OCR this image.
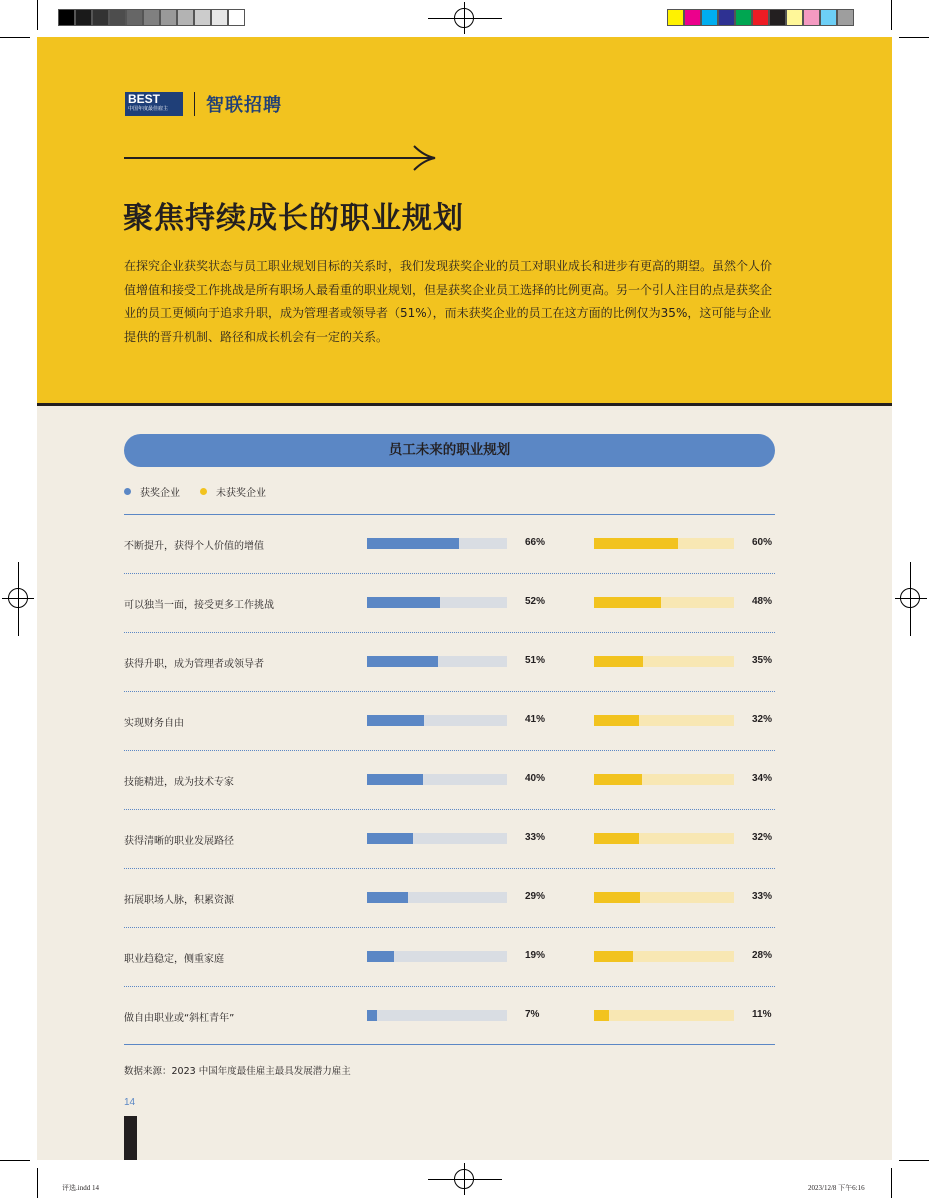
BEST
中国年度最佳雇主	智联招聘
聚焦持续成长的职业规划
在探究企业获奖状态与员工职业规划目标的关系时，我们发现获奖企业的员工对职业成长和进步有更高的期望。虽然个人价值增值和接受工作挑战是所有职场人最看重的职业规划，但是获奖企业员工选择的比例更高。另一个引人注目的点是获奖企业的员工更倾向于追求升职，成为管理者或领导者（51%），而未获奖企业的员工在这方面的比例仅为35%，这可能与企业提供的晋升机制、路径和成长机会有一定的关系。
员工未来的职业规划
获奖企业	未获奖企业
不断提升，获得个人价值的增值	66%	60%
可以独当一面，接受更多工作挑战	52%	48%
获得升职，成为管理者或领导者	51%	35%
实现财务自由	41%	32%
技能精进，成为技术专家	40%	34%
获得清晰的职业发展路径	33%	32%
拓展职场人脉，积累资源	29%	33%
职业趋稳定，侧重家庭	19%	28%
做自由职业或“斜杠青年”	7%	11%
数据来源：2023 中国年度最佳雇主最具发展潜力雇主
14
评选.indd 14	2023/12/8 下午6:16
